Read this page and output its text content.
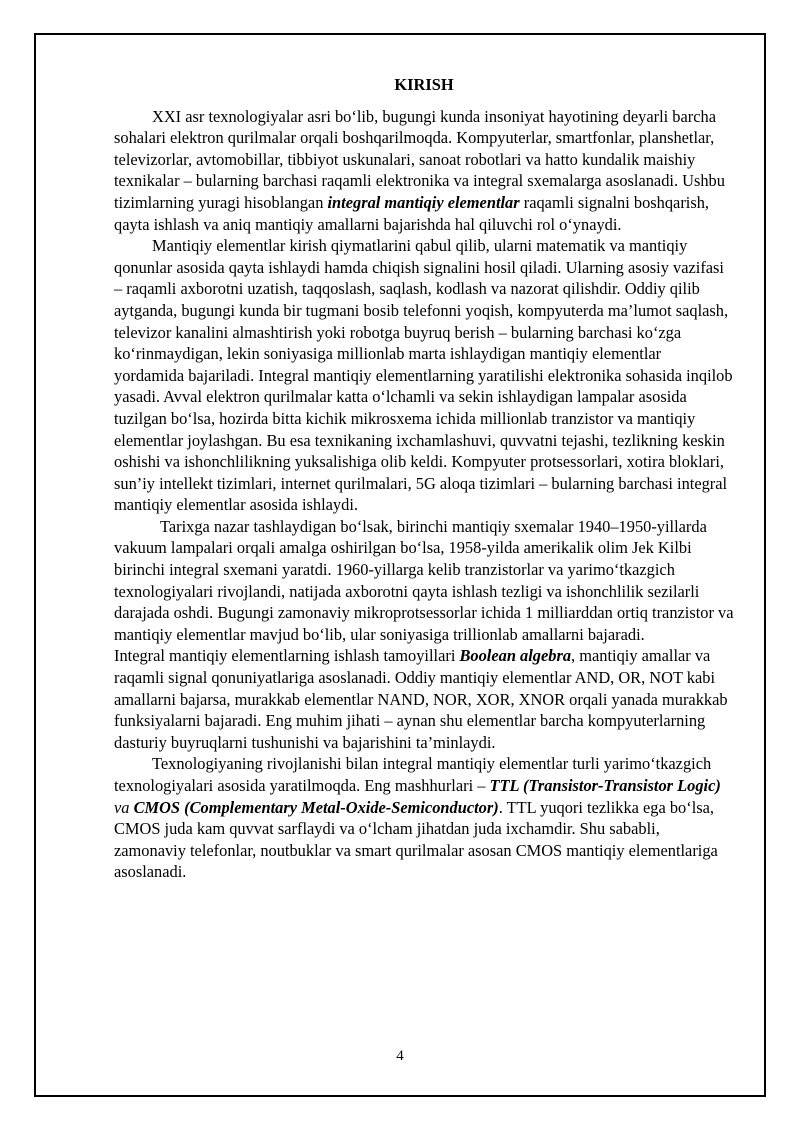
KIRISH

XXI asr texnologiyalar asri bo‘lib, bugungi kunda insoniyat hayotining deyarli barcha sohalari elektron qurilmalar orqali boshqarilmoqda. Kompyuterlar, smartfonlar, planshetlar, televizorlar, avtomobillar, tibbiyot uskunalari, sanoat robotlari va hatto kundalik maishiy texnikalar – bularning barchasi raqamli elektronika va integral sxemalarga asoslanadi. Ushbu tizimlarning yuragi hisoblangan integral mantiqiy elementlar raqamli signalni boshqarish, qayta ishlash va aniq mantiqiy amallarni bajarishda hal qiluvchi rol o‘ynaydi.

Mantiqiy elementlar kirish qiymatlarini qabul qilib, ularni matematik va mantiqiy qonunlar asosida qayta ishlaydi hamda chiqish signalini hosil qiladi. Ularning asosiy vazifasi – raqamli axborotni uzatish, taqqoslash, saqlash, kodlash va nazorat qilishdir. Oddiy qilib aytganda, bugungi kunda bir tugmani bosib telefonni yoqish, kompyuterda ma’lumot saqlash, televizor kanalini almashtirish yoki robotga buyruq berish – bularning barchasi ko‘zga ko‘rinmaydigan, lekin soniyasiga millionlab marta ishlaydigan mantiqiy elementlar yordamida bajariladi. Integral mantiqiy elementlarning yaratilishi elektronika sohasida inqilob yasadi. Avval elektron qurilmalar katta o‘lchamli va sekin ishlaydigan lampalar asosida tuzilgan bo‘lsa, hozirda bitta kichik mikrosxema ichida millionlab tranzistor va mantiqiy elementlar joylashgan. Bu esa texnikaning ixchamlashuvi, quvvatni tejashi, tezlikning keskin oshishi va ishonchlilikning yuksalishiga olib keldi. Kompyuter protsessorlari, xotira bloklari, sun’iy intellekt tizimlari, internet qurilmalari, 5G aloqa tizimlari – bularning barchasi integral mantiqiy elementlar asosida ishlaydi.

Tarixga nazar tashlaydigan bo‘lsak, birinchi mantiqiy sxemalar 1940–1950-yillarda vakuum lampalari orqali amalga oshirilgan bo‘lsa, 1958-yilda amerikalik olim Jek Kilbi birinchi integral sxemani yaratdi. 1960-yillarga kelib tranzistorlar va yarimo‘tkazgich texnologiyalari rivojlandi, natijada axborotni qayta ishlash tezligi va ishonchlilik sezilarli darajada oshdi. Bugungi zamonaviy mikroprotsessorlar ichida 1 milliarddan ortiq tranzistor va mantiqiy elementlar mavjud bo‘lib, ular soniyasiga trillionlab amallarni bajaradi.

Integral mantiqiy elementlarning ishlash tamoyillari Boolean algebra, mantiqiy amallar va raqamli signal qonuniyatlariga asoslanadi. Oddiy mantiqiy elementlar AND, OR, NOT kabi amallarni bajarsa, murakkab elementlar NAND, NOR, XOR, XNOR orqali yanada murakkab funksiyalarni bajaradi. Eng muhim jihati – aynan shu elementlar barcha kompyuterlarning dasturiy buyruqlarni tushunishi va bajarishini ta’minlaydi.

Texnologiyaning rivojlanishi bilan integral mantiqiy elementlar turli yarimo‘tkazgich texnologiyalari asosida yaratilmoqda. Eng mashhurlari – TTL (Transistor-Transistor Logic) va CMOS (Complementary Metal-Oxide-Semiconductor). TTL yuqori tezlikka ega bo‘lsa, CMOS juda kam quvvat sarflaydi va o‘lcham jihatdan juda ixchamdir. Shu sababli, zamonaviy telefonlar, noutbuklar va smart qurilmalar asosan CMOS mantiqiy elementlariga asoslanadi.

4
